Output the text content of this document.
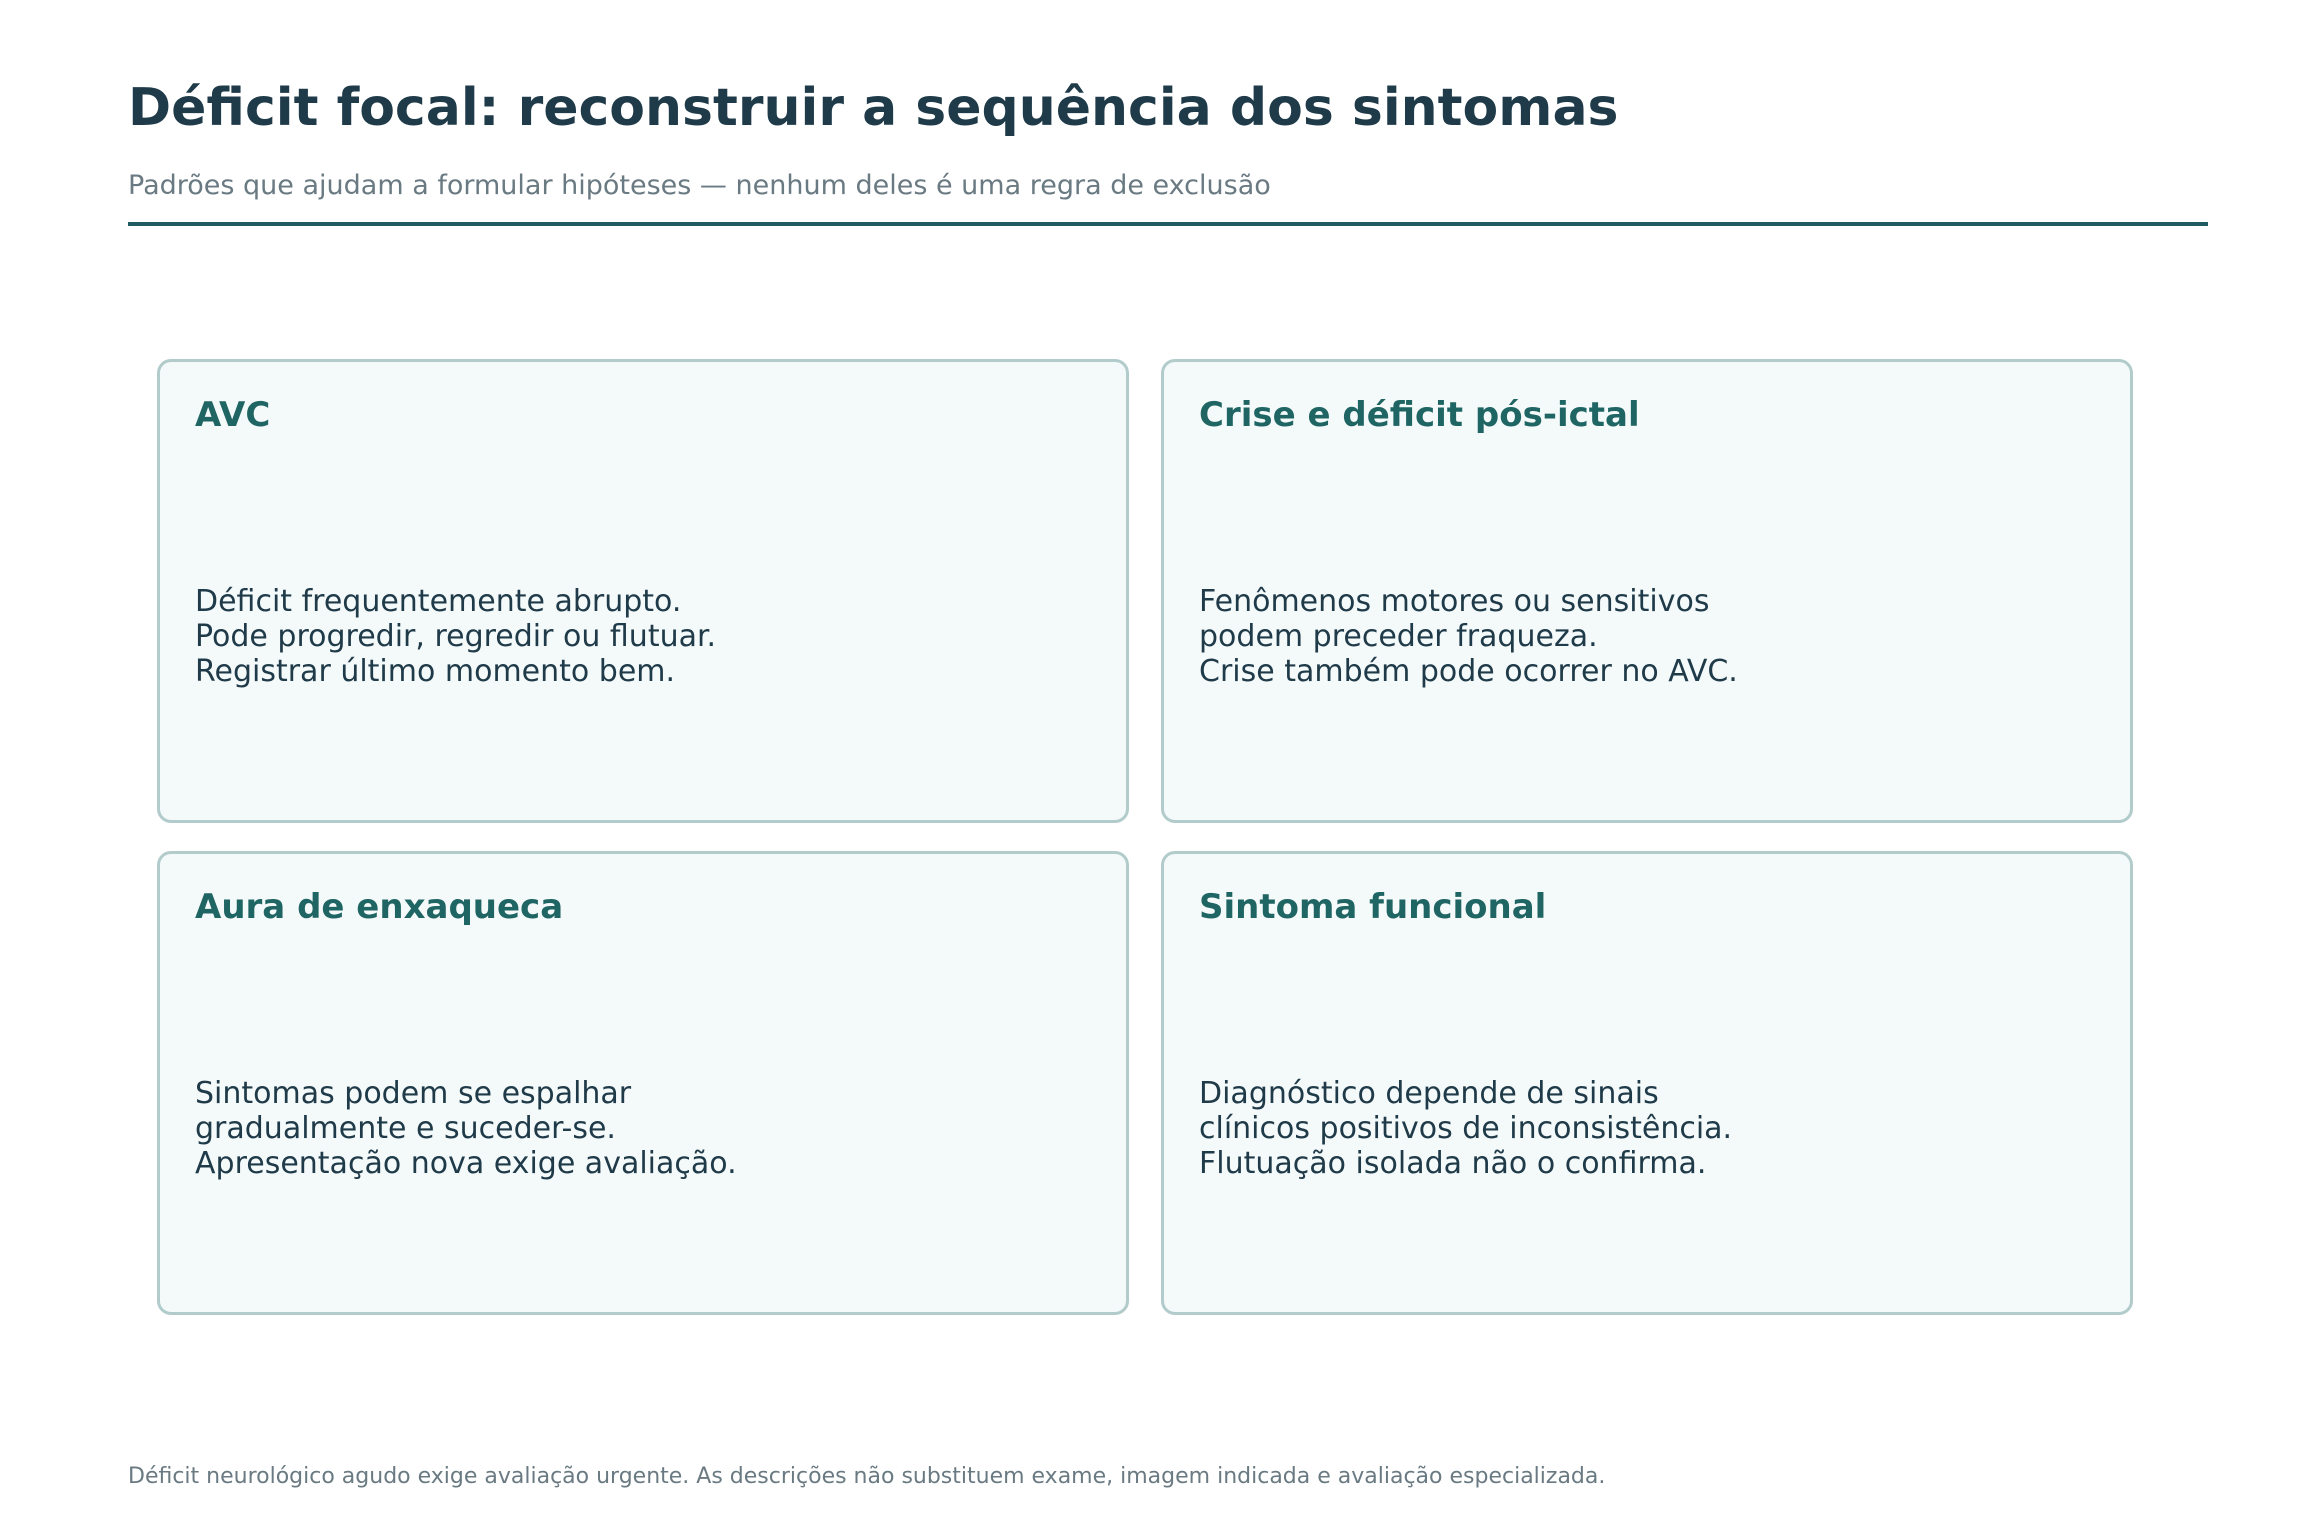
Déficit focal: reconstruir a sequência dos sintomas
Padrões que ajudam a formular hipóteses — nenhum deles é uma regra de exclusão
AVC
Déficit frequentemente abrupto.
Pode progredir, regredir ou flutuar.
Registrar último momento bem.
Crise e déficit pós-ictal
Fenômenos motores ou sensitivos
podem preceder fraqueza.
Crise também pode ocorrer no AVC.
Aura de enxaqueca
Sintomas podem se espalhar
gradualmente e suceder-se.
Apresentação nova exige avaliação.
Sintoma funcional
Diagnóstico depende de sinais
clínicos positivos de inconsistência.
Flutuação isolada não o confirma.
Déficit neurológico agudo exige avaliação urgente. As descrições não substituem exame, imagem indicada e avaliação especializada.
